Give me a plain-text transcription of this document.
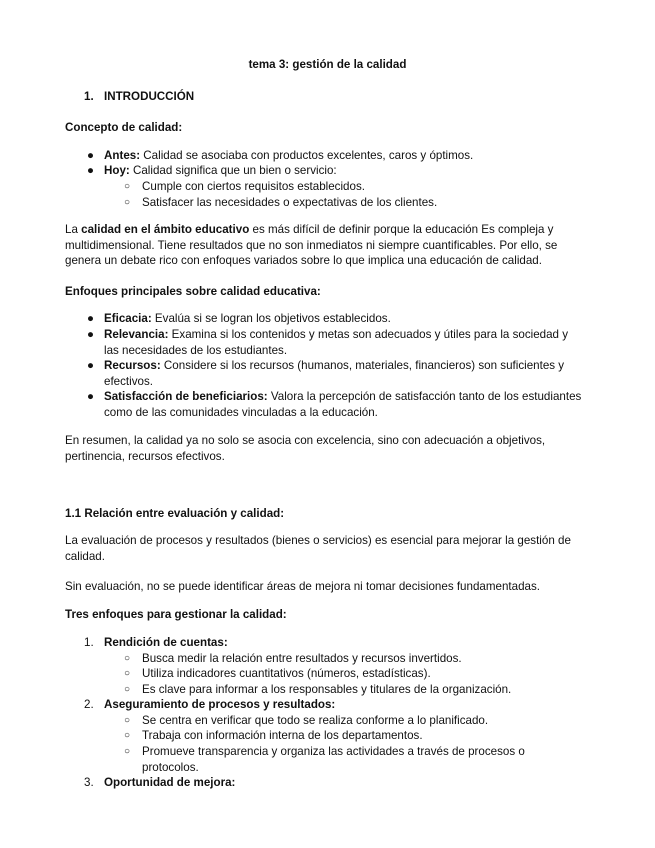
tema 3: gestión de la calidad
1. INTRODUCCIÓN
Concepto de calidad:
● Antes: Calidad se asociaba con productos excelentes, caros y óptimos.
● Hoy: Calidad significa que un bien o servicio:
○ Cumple con ciertos requisitos establecidos.
○ Satisfacer las necesidades o expectativas de los clientes.
La calidad en el ámbito educativo es más difícil de definir porque la educación Es compleja y multidimensional. Tiene resultados que no son inmediatos ni siempre cuantificables. Por ello, se genera un debate rico con enfoques variados sobre lo que implica una educación de calidad.
Enfoques principales sobre calidad educativa:
● Eficacia: Evalúa si se logran los objetivos establecidos.
● Relevancia: Examina si los contenidos y metas son adecuados y útiles para la sociedad y las necesidades de los estudiantes.
● Recursos: Considere si los recursos (humanos, materiales, financieros) son suficientes y efectivos.
● Satisfacción de beneficiarios: Valora la percepción de satisfacción tanto de los estudiantes como de las comunidades vinculadas a la educación.
En resumen, la calidad ya no solo se asocia con excelencia, sino con adecuación a objetivos, pertinencia, recursos efectivos.
1.1 Relación entre evaluación y calidad:
La evaluación de procesos y resultados (bienes o servicios) es esencial para mejorar la gestión de calidad.
Sin evaluación, no se puede identificar áreas de mejora ni tomar decisiones fundamentadas.
Tres enfoques para gestionar la calidad:
1. Rendición de cuentas:
○ Busca medir la relación entre resultados y recursos invertidos.
○ Utiliza indicadores cuantitativos (números, estadísticas).
○ Es clave para informar a los responsables y titulares de la organización.
2. Aseguramiento de procesos y resultados:
○ Se centra en verificar que todo se realiza conforme a lo planificado.
○ Trabaja con información interna de los departamentos.
○ Promueve transparencia y organiza las actividades a través de procesos o protocolos.
3. Oportunidad de mejora:
